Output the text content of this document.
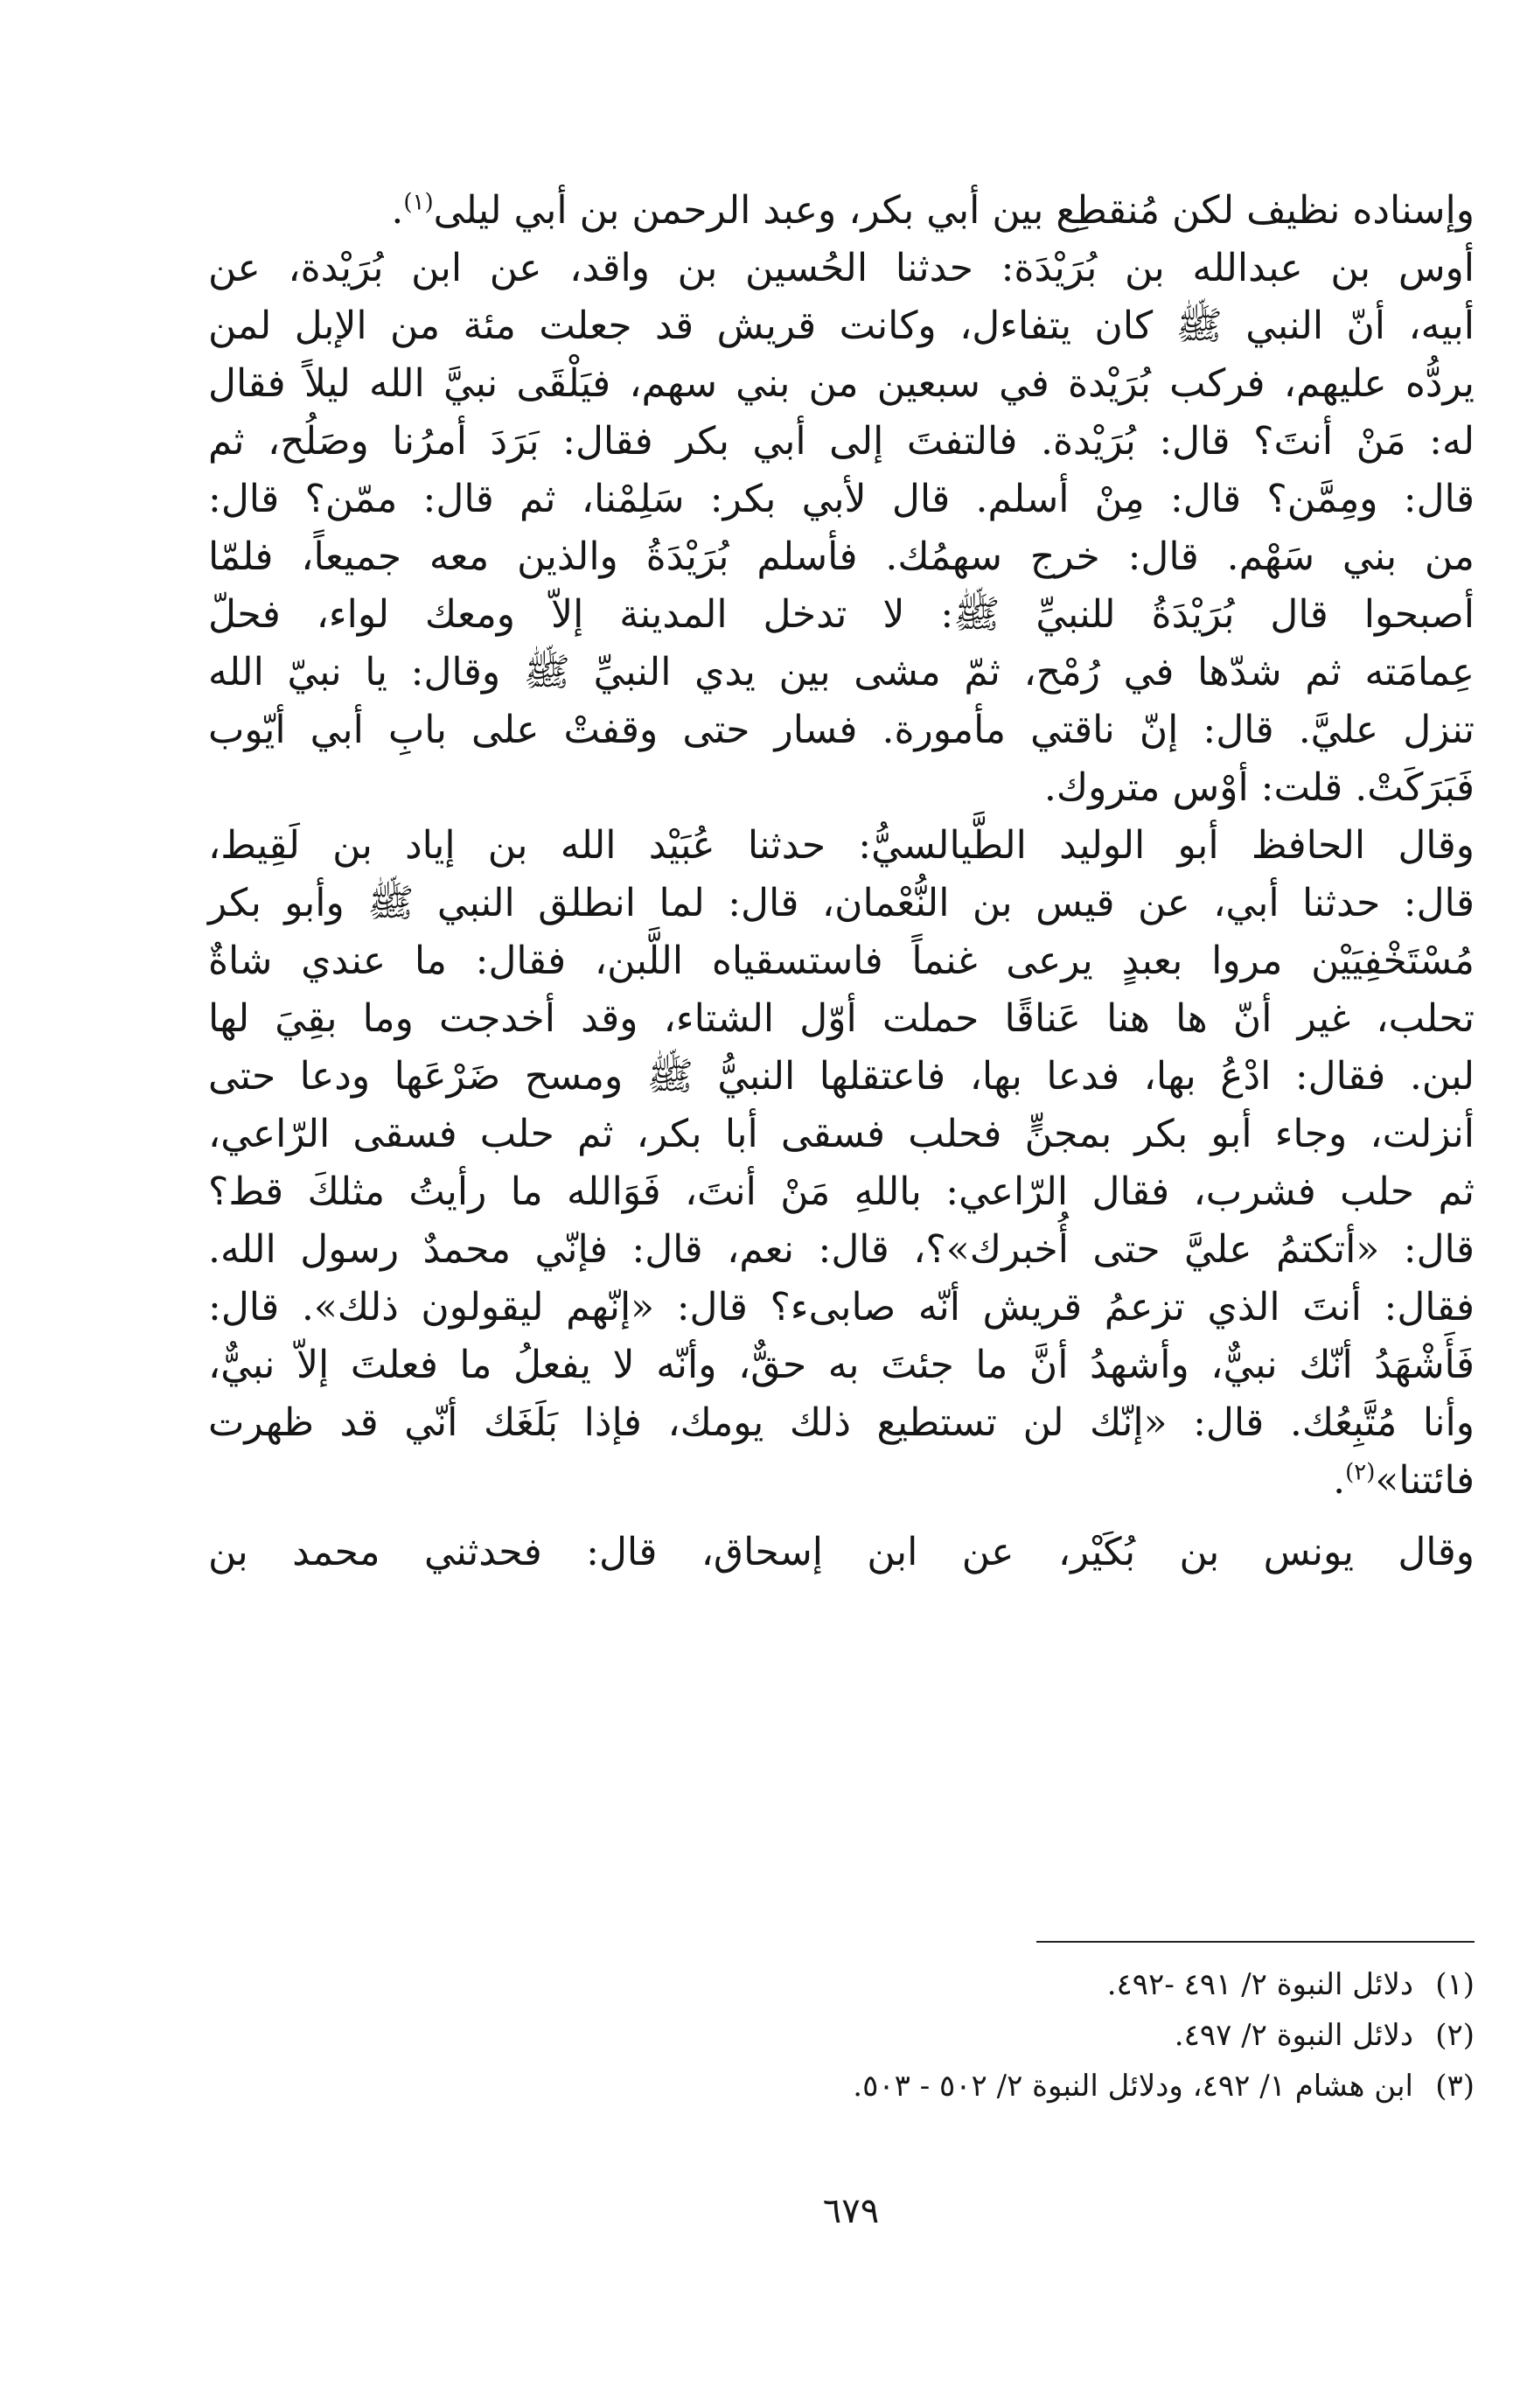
وإسناده نظيف لكن مُنقطِع بين أبي بكر، وعبد الرحمن بن أبي ليلى$^{(١)}$.
أوس بن عبدالله بن بُرَيْدَة: حدثنا الحُسين بن واقد، عن ابن بُرَيْدة، عن
أبيه، أنّ النبي ﷺ كان يتفاءل، وكانت قريش قد جعلت مئة من الإبل لمن
يردُّه عليهم، فركب بُرَيْدة في سبعين من بني سهم، فيَلْقَى نبيَّ الله ليلاً فقال
له: مَنْ أنتَ؟ قال: بُرَيْدة. فالتفتَ إلى أبي بكر فقال: بَرَدَ أمرُنا وصَلُح، ثم
قال: ومِمَّن؟ قال: مِنْ أسلم. قال لأبي بكر: سَلِمْنا، ثم قال: ممّن؟ قال:
من بني سَهْم. قال: خرج سهمُك. فأسلم بُرَيْدَةُ والذين معه جميعاً، فلمّا
أصبحوا قال بُرَيْدَةُ للنبيِّ ﷺ: لا تدخل المدينة إلاّ ومعك لواء، فحلّ
عِمامَته ثم شدّها في رُمْح، ثمّ مشى بين يدي النبيِّ ﷺ وقال: يا نبيّ الله
تنزل عليَّ. قال: إنّ ناقتي مأمورة. فسار حتى وقفتْ على بابِ أبي أيّوب
فَبَرَكَتْ. قلت: أوْس متروك.
وقال الحافظ أبو الوليد الطَّيالسيُّ: حدثنا عُبَيْد الله بن إياد بن لَقِيط،
قال: حدثنا أبي، عن قيس بن النُّعْمان، قال: لما انطلق النبي ﷺ وأبو بكر
مُسْتَخْفِيَيْن مروا بعبدٍ يرعى غنماً فاستسقياه اللَّبن، فقال: ما عندي شاةٌ
تحلب، غير أنّ ها هنا عَناقًا حملت أوّل الشتاء، وقد أخدجت وما بقِيَ لها
لبن. فقال: ادْعُ بها، فدعا بها، فاعتقلها النبيُّ ﷺ ومسح ضَرْعَها ودعا حتى
أنزلت، وجاء أبو بكر بمجنٍّ فحلب فسقى أبا بكر، ثم حلب فسقى الرّاعي،
ثم حلب فشرب، فقال الرّاعي: باللهِ مَنْ أنتَ، فَوَالله ما رأيتُ مثلكَ قط؟
قال: «أتكتمُ عليَّ حتى أُخبرك»؟، قال: نعم، قال: فإنّي محمدٌ رسول الله.
فقال: أنتَ الذي تزعمُ قريش أنّه صابىء؟ قال: «إنّهم ليقولون ذلك». قال:
فَأَشْهَدُ أنّك نبيٌّ، وأشهدُ أنَّ ما جئتَ به حقٌّ، وأنّه لا يفعلُ ما فعلتَ إلاّ نبيٌّ،
وأنا مُتَّبِعُك. قال: «إنّك لن تستطيع ذلك يومك، فإذا بَلَغَك أنّي قد ظهرت
فائتنا»$^{(٢)}$.
وقال يونس بن بُكَيْر، عن ابن إسحاق، قال: فحدثني محمد بن
(١)دلائل النبوة ٢/ ٤٩١ -٤٩٢.
(٢)دلائل النبوة ٢/ ٤٩٧.
(٣)ابن هشام ١/ ٤٩٢، ودلائل النبوة ٢/ ٥٠٢ - ٥٠٣.
٦٧٩
